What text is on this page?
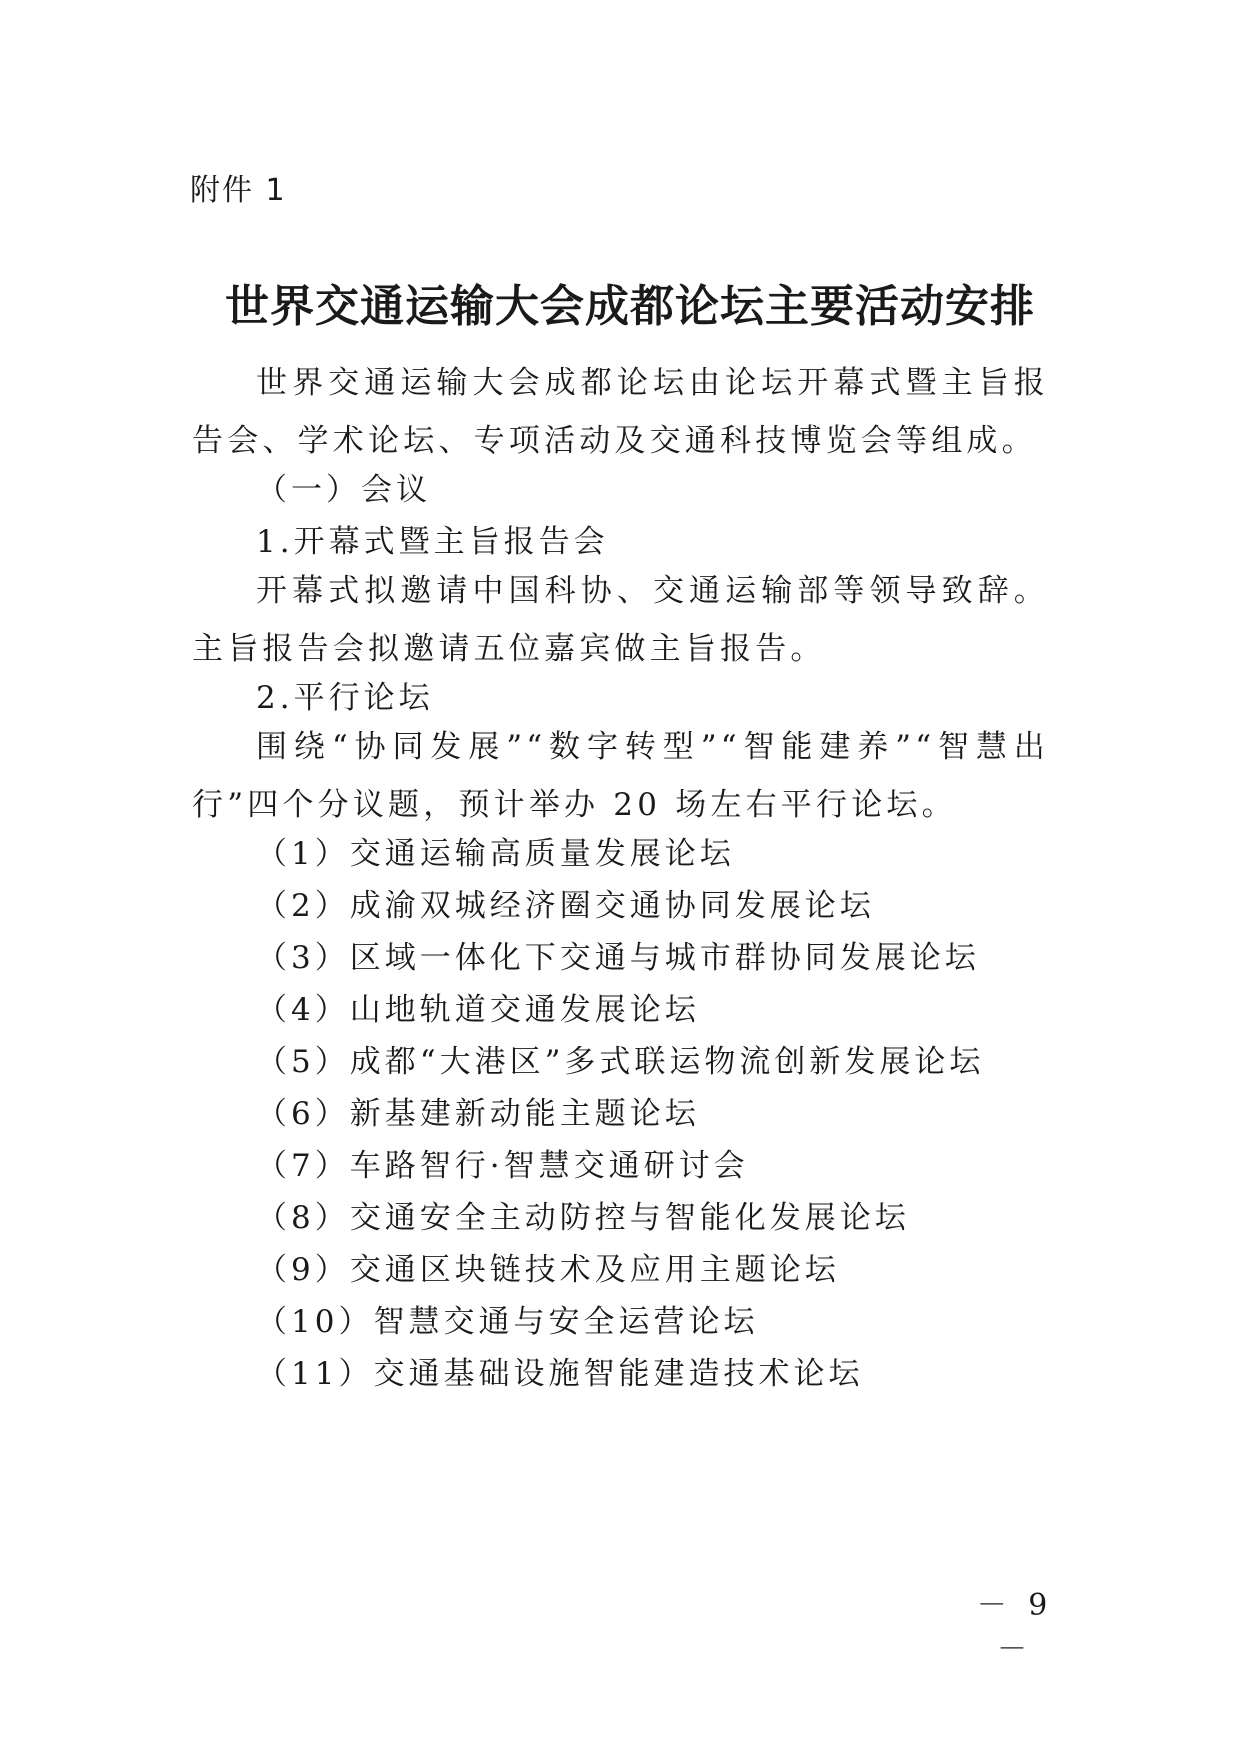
附件 1
世界交通运输大会成都论坛主要活动安排

世界交通运输大会成都论坛由论坛开幕式暨主旨报告会、学术论坛、专项活动及交通科技博览会等组成。

（一）会议

1.开幕式暨主旨报告会

开幕式拟邀请中国科协、交通运输部等领导致辞。主旨报告会拟邀请五位嘉宾做主旨报告。

2.平行论坛

围绕“协同发展”“数字转型”“智能建养”“智慧出行”四个分议题，预计举办 20 场左右平行论坛。

（1）交通运输高质量发展论坛

（2）成渝双城经济圈交通协同发展论坛

（3）区域一体化下交通与城市群协同发展论坛

（4）山地轨道交通发展论坛

（5）成都“大港区”多式联运物流创新发展论坛

（6）新基建新动能主题论坛

（7）车路智行·智慧交通研讨会

（8）交通安全主动防控与智能化发展论坛

（9）交通区块链技术及应用主题论坛

（10）智慧交通与安全运营论坛

（11）交通基础设施智能建造技术论坛

－ 9 －
